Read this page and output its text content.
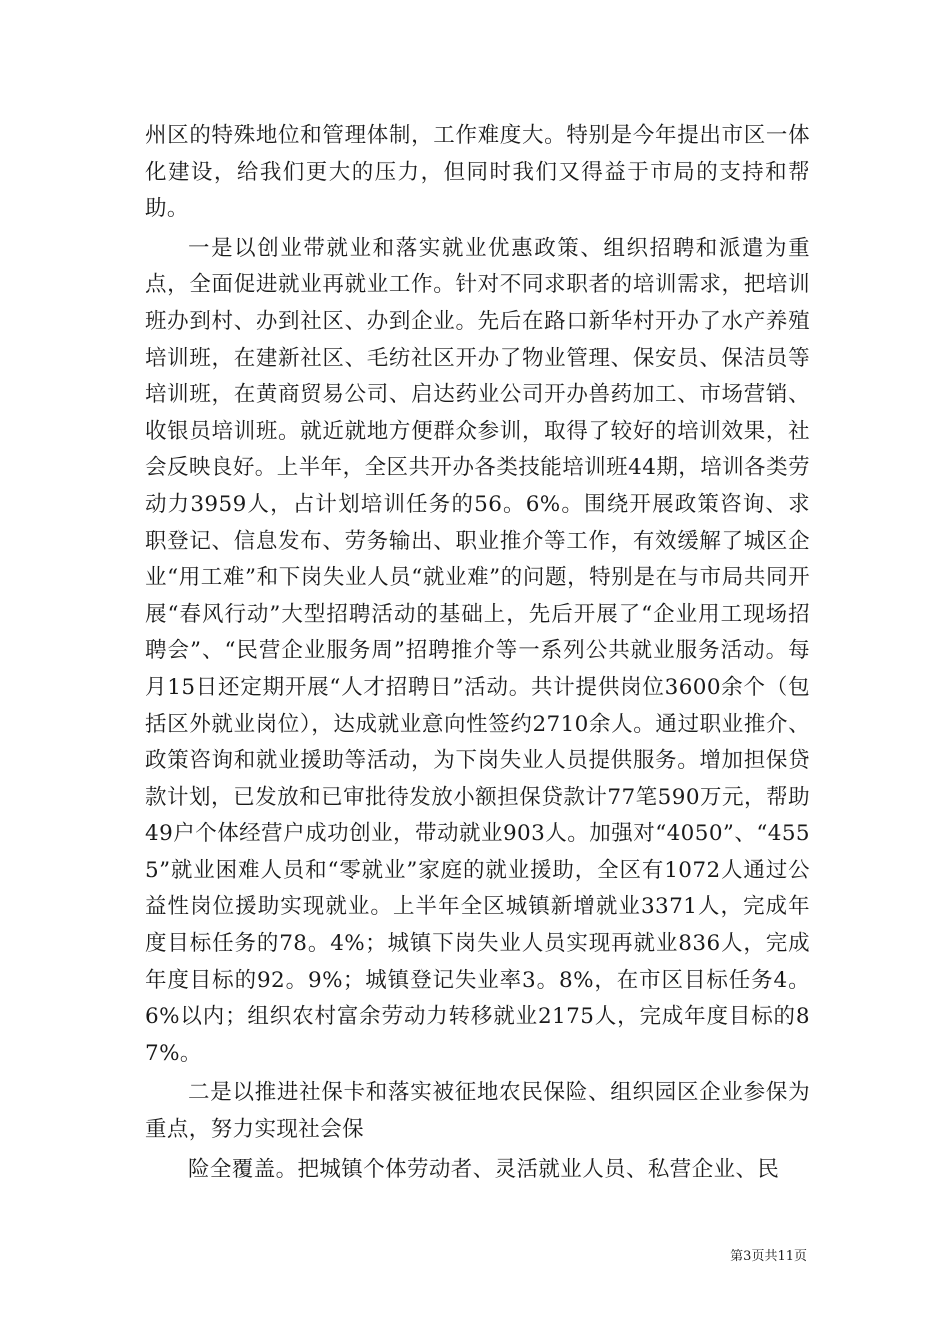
州区的特殊地位和管理体制，工作难度大。特别是今年提出市区一体化建设，给我们更大的压力，但同时我们又得益于市局的支持和帮助。

一是以创业带就业和落实就业优惠政策、组织招聘和派遣为重点，全面促进就业再就业工作。针对不同求职者的培训需求，把培训班办到村、办到社区、办到企业。先后在路口新华村开办了水产养殖培训班，在建新社区、毛纺社区开办了物业管理、保安员、保洁员等培训班，在黄商贸易公司、启达药业公司开办兽药加工、市场营销、收银员培训班。就近就地方便群众参训，取得了较好的培训效果，社会反映良好。上半年，全区共开办各类技能培训班44期，培训各类劳动力3959人，占计划培训任务的56。6%。围绕开展政策咨询、求职登记、信息发布、劳务输出、职业推介等工作，有效缓解了城区企业“用工难”和下岗失业人员“就业难”的问题，特别是在与市局共同开展“春风行动”大型招聘活动的基础上，先后开展了“企业用工现场招聘会”、“民营企业服务周”招聘推介等一系列公共就业服务活动。每月15日还定期开展“人才招聘日”活动。共计提供岗位3600余个（包括区外就业岗位），达成就业意向性签约2710余人。通过职业推介、政策咨询和就业援助等活动，为下岗失业人员提供服务。增加担保贷款计划，已发放和已审批待发放小额担保贷款计77笔590万元，帮助49户个体经营户成功创业，带动就业903人。加强对“4050”、“4555”就业困难人员和“零就业”家庭的就业援助，全区有1072人通过公益性岗位援助实现就业。上半年全区城镇新增就业3371人，完成年度目标任务的78。4%；城镇下岗失业人员实现再就业836人，完成年度目标的92。9%；城镇登记失业率3。8%，在市区目标任务4。6%以内；组织农村富余劳动力转移就业2175人，完成年度目标的87%。

二是以推进社保卡和落实被征地农民保险、组织园区企业参保为重点，努力实现社会保

险全覆盖。把城镇个体劳动者、灵活就业人员、私营企业、民

第3页共11页
